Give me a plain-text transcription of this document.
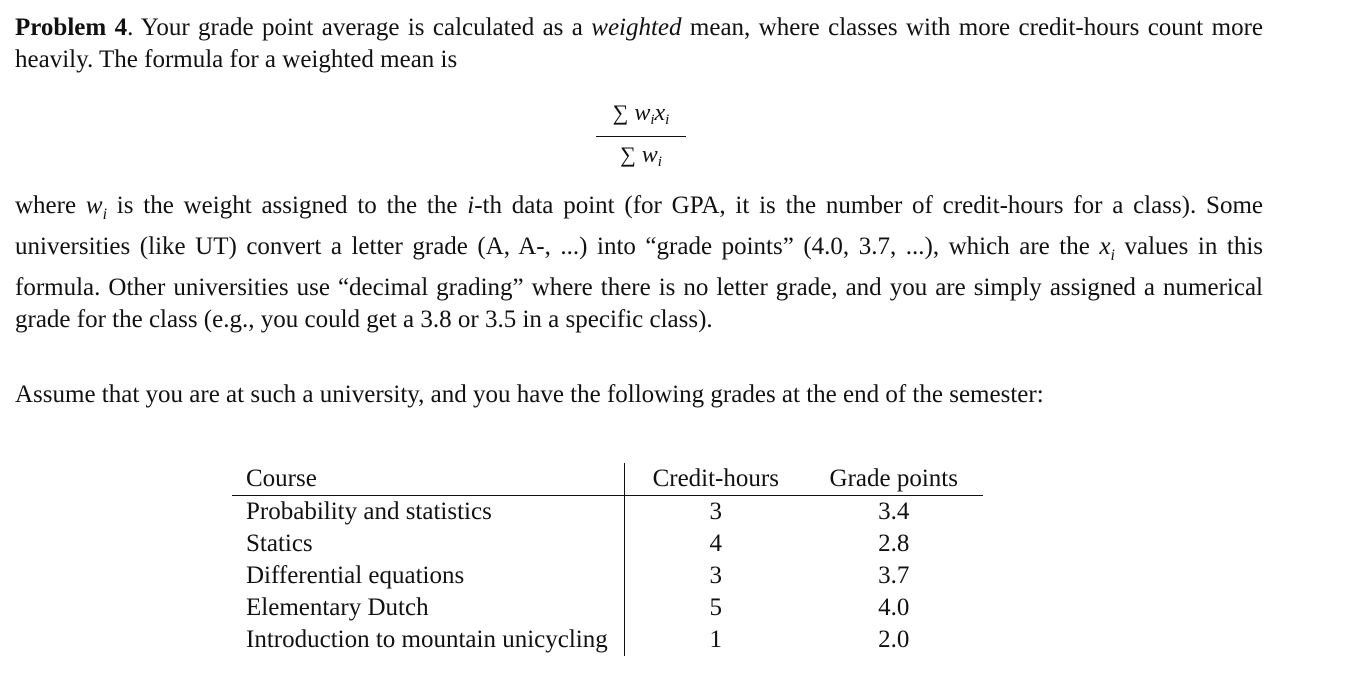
Problem 4. Your grade point average is calculated as a weighted mean, where classes with more credit-hours count more heavily. The formula for a weighted mean is

∑ $w_ix_i$
∑ $w_i$

where $w_i$ is the weight assigned to the the i-th data point (for GPA, it is the number of credit-hours for a class). Some universities (like UT) convert a letter grade (A, A-, ...) into “grade points” (4.0, 3.7, ...), which are the $x_i$ values in this formula. Other universities use “decimal grading” where there is no letter grade, and you are simply assigned a numerical grade for the class (e.g., you could get a 3.8 or 3.5 in a specific class).

Assume that you are at such a university, and you have the following grades at the end of the semester:

Course	Credit-hours	Grade points
Probability and statistics	3	3.4
Statics	4	2.8
Differential equations	3	3.7
Elementary Dutch	5	4.0
Introduction to mountain unicycling	1	2.0
